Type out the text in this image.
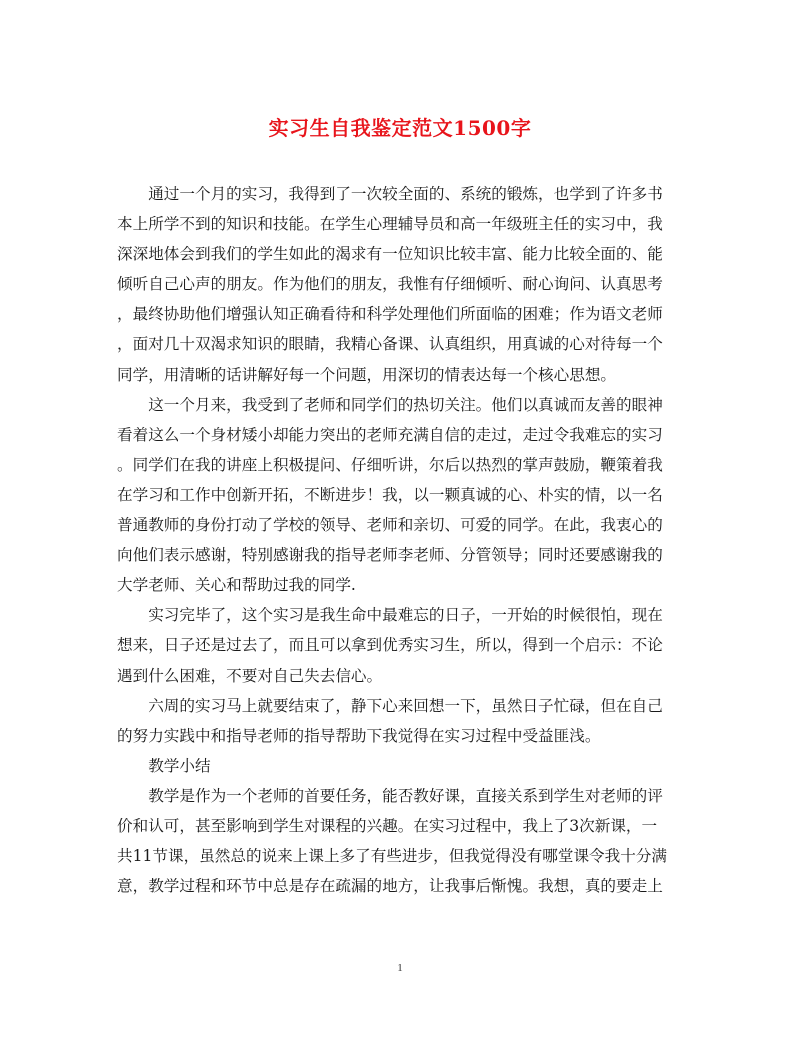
实习生自我鉴定范文1500字
　　通过一个月的实习，我得到了一次较全面的、系统的锻炼，也学到了许多书
本上所学不到的知识和技能。在学生心理辅导员和高一年级班主任的实习中，我
深深地体会到我们的学生如此的渴求有一位知识比较丰富、能力比较全面的、能
倾听自己心声的朋友。作为他们的朋友，我惟有仔细倾听、耐心询问、认真思考
，最终协助他们增强认知正确看待和科学处理他们所面临的困难；作为语文老师
，面对几十双渴求知识的眼睛，我精心备课、认真组织，用真诚的心对待每一个
同学，用清晰的话讲解好每一个问题，用深切的情表达每一个核心思想。
　　这一个月来，我受到了老师和同学们的热切关注。他们以真诚而友善的眼神
看着这么一个身材矮小却能力突出的老师充满自信的走过，走过令我难忘的实习
。同学们在我的讲座上积极提问、仔细听讲，尔后以热烈的掌声鼓励，鞭策着我
在学习和工作中创新开拓，不断进步！我，以一颗真诚的心、朴实的情，以一名
普通教师的身份打动了学校的领导、老师和亲切、可爱的同学。在此，我衷心的
向他们表示感谢，特别感谢我的指导老师李老师、分管领导；同时还要感谢我的
大学老师、关心和帮助过我的同学.
　　实习完毕了，这个实习是我生命中最难忘的日子，一开始的时候很怕，现在
想来，日子还是过去了，而且可以拿到优秀实习生，所以，得到一个启示：不论
遇到什么困难，不要对自己失去信心。
　　六周的实习马上就要结束了，静下心来回想一下，虽然日子忙碌，但在自己
的努力实践中和指导老师的指导帮助下我觉得在实习过程中受益匪浅。
　　教学小结
　　教学是作为一个老师的首要任务，能否教好课，直接关系到学生对老师的评
价和认可，甚至影响到学生对课程的兴趣。在实习过程中，我上了3次新课，一
共11节课，虽然总的说来上课上多了有些进步，但我觉得没有哪堂课令我十分满
意，教学过程和环节中总是存在疏漏的地方，让我事后惭愧。我想，真的要走上
1
